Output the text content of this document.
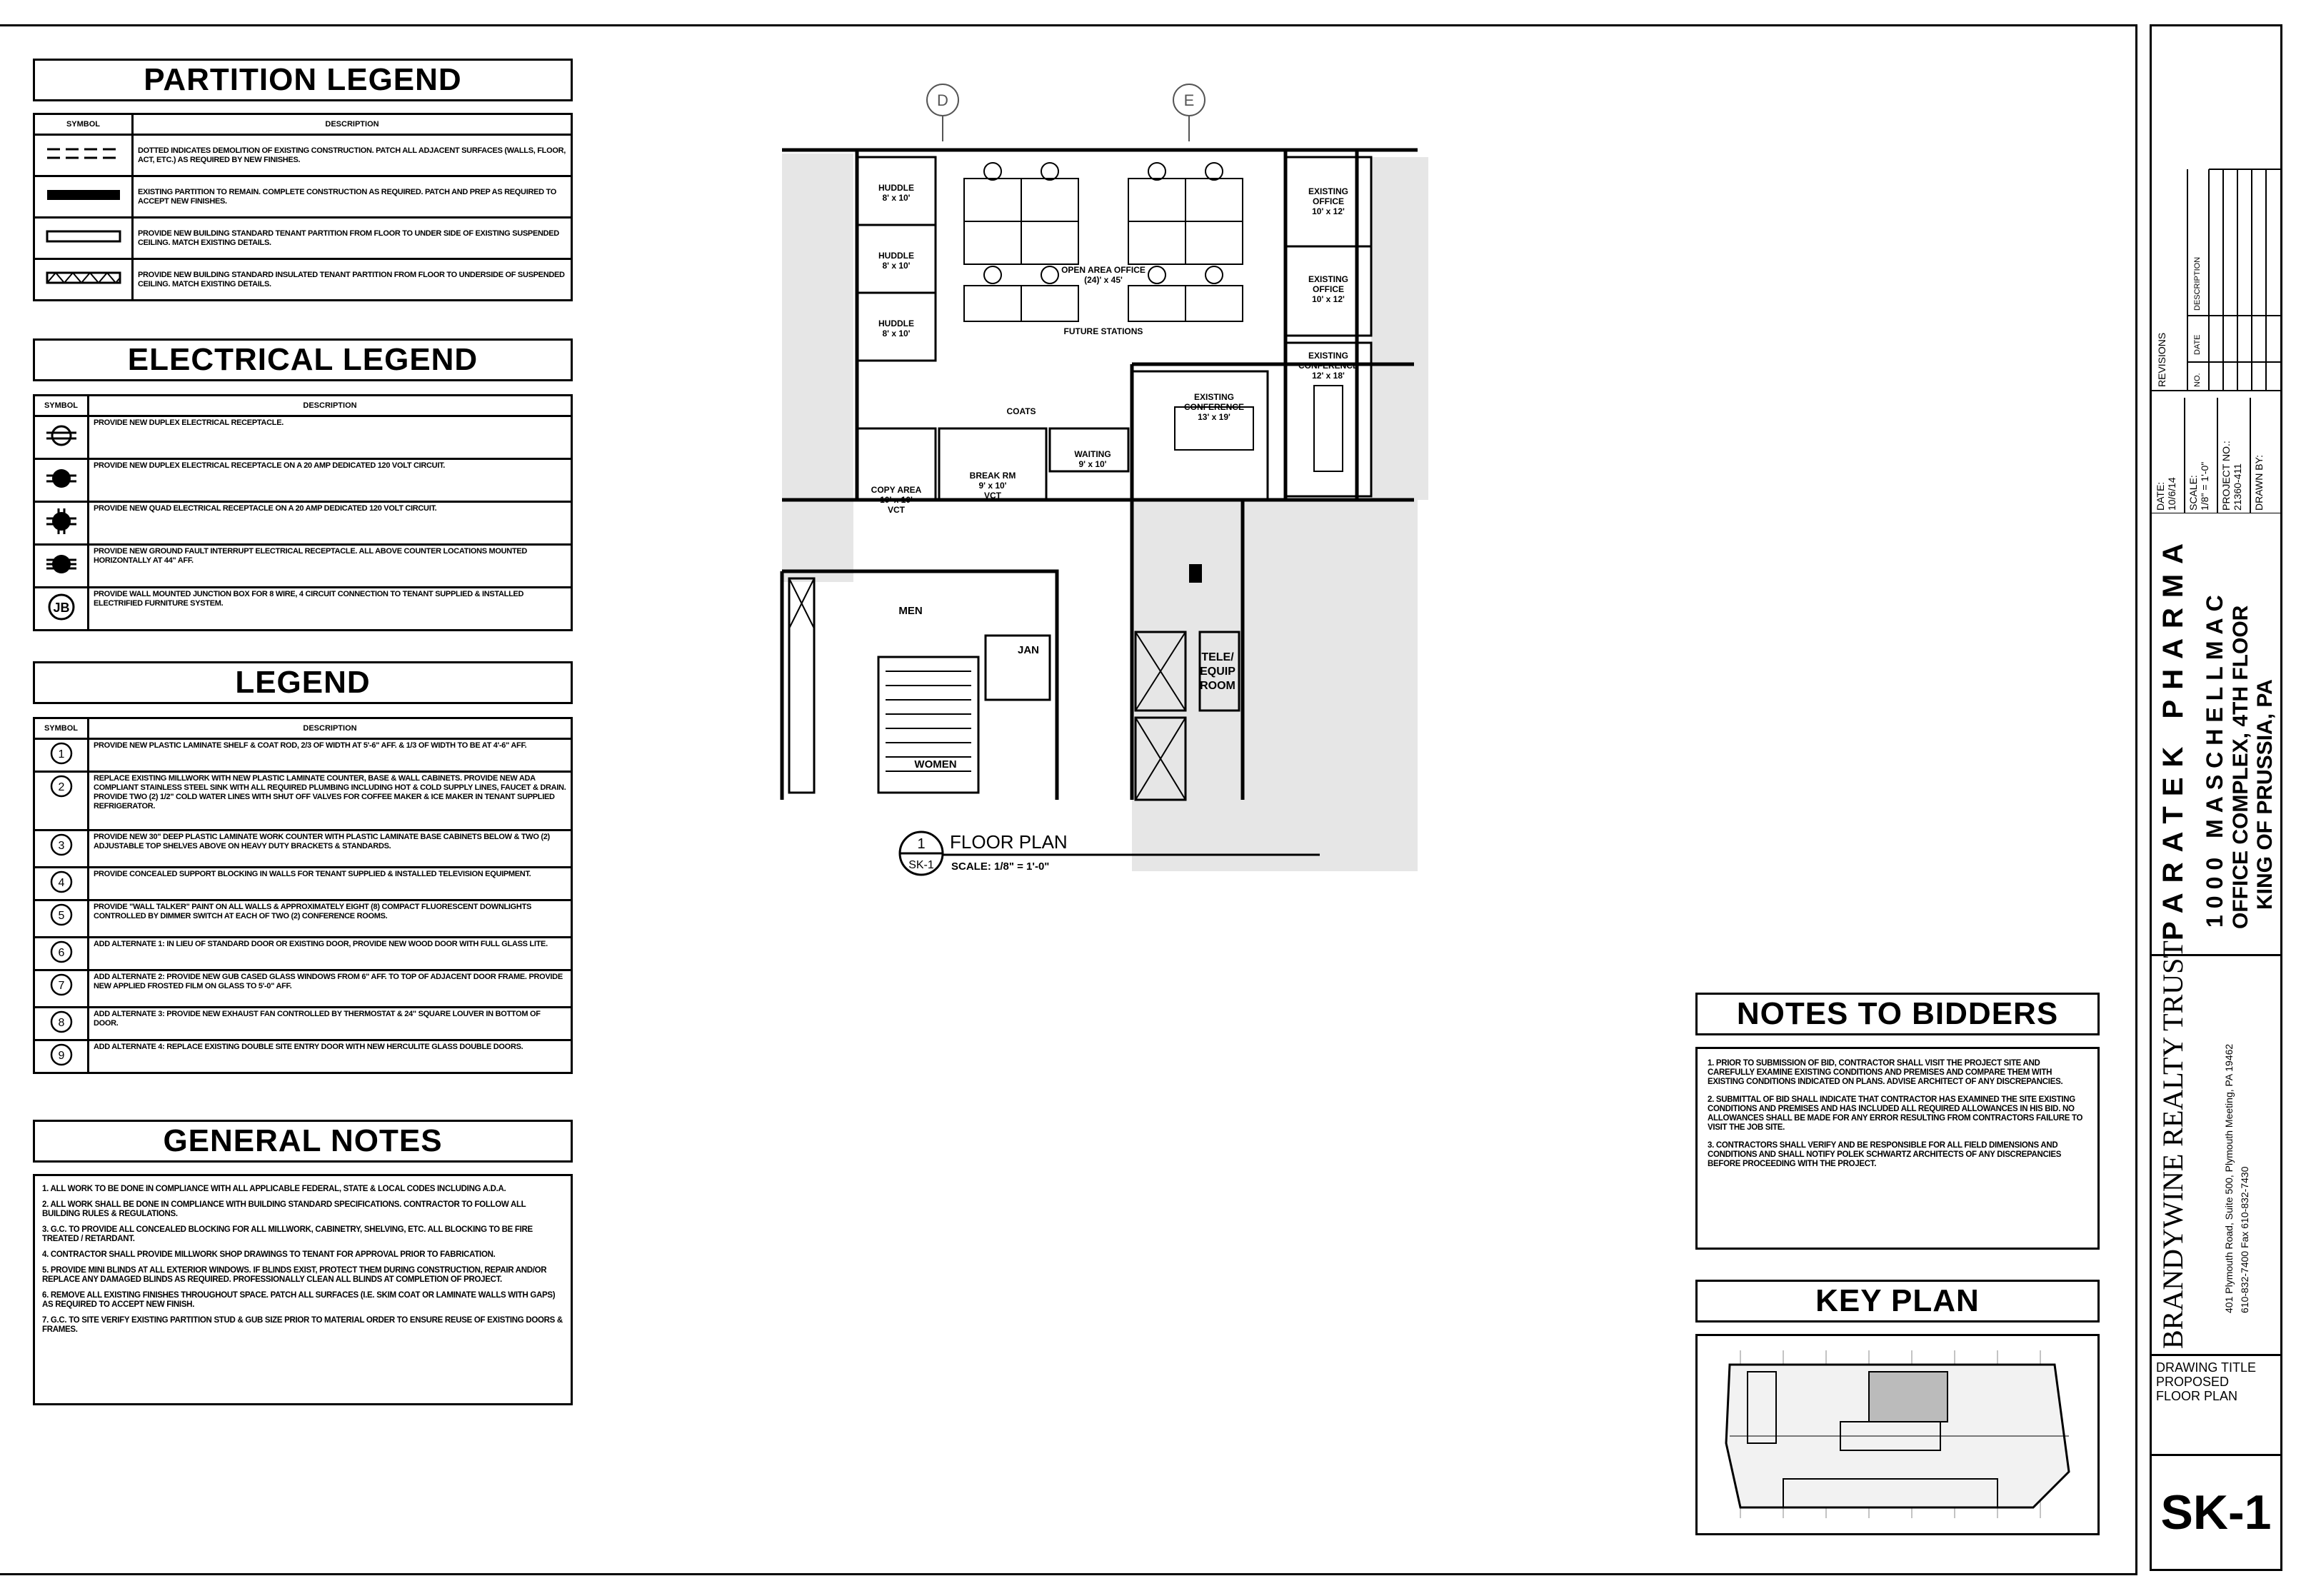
PARTITION LEGEND
SYMBOL	DESCRIPTION
	DOTTED INDICATES DEMOLITION OF EXISTING CONSTRUCTION. PATCH ALL ADJACENT SURFACES (WALLS, FLOOR, ACT, ETC.) AS REQUIRED BY NEW FINISHES.
	EXISTING PARTITION TO REMAIN. COMPLETE CONSTRUCTION AS REQUIRED. PATCH AND PREP AS REQUIRED TO ACCEPT NEW FINISHES.
	PROVIDE NEW BUILDING STANDARD TENANT PARTITION FROM FLOOR TO UNDER SIDE OF EXISTING SUSPENDED CEILING. MATCH EXISTING DETAILS.
	PROVIDE NEW BUILDING STANDARD INSULATED TENANT PARTITION FROM FLOOR TO UNDERSIDE OF SUSPENDED CEILING. MATCH EXISTING DETAILS.
ELECTRICAL LEGEND
SYMBOL	DESCRIPTION
	PROVIDE NEW DUPLEX ELECTRICAL RECEPTACLE.
	PROVIDE NEW DUPLEX ELECTRICAL RECEPTACLE ON A 20 AMP DEDICATED 120 VOLT CIRCUIT.
	PROVIDE NEW QUAD ELECTRICAL RECEPTACLE ON A 20 AMP DEDICATED 120 VOLT CIRCUIT.
	PROVIDE NEW GROUND FAULT INTERRUPT ELECTRICAL RECEPTACLE. ALL ABOVE COUNTER LOCATIONS MOUNTED HORIZONTALLY AT 44" AFF.

JB	PROVIDE WALL MOUNTED JUNCTION BOX FOR 8 WIRE, 4 CIRCUIT CONNECTION TO TENANT SUPPLIED & INSTALLED ELECTRIFIED FURNITURE SYSTEM.
LEGEND
SYMBOL	DESCRIPTION

1	PROVIDE NEW PLASTIC LAMINATE SHELF & COAT ROD, 2/3 OF WIDTH AT 5'-6" AFF. & 1/3 OF WIDTH TO BE AT 4'-6" AFF.

2	REPLACE EXISTING MILLWORK WITH NEW PLASTIC LAMINATE COUNTER, BASE & WALL CABINETS. PROVIDE NEW ADA COMPLIANT STAINLESS STEEL SINK WITH ALL REQUIRED PLUMBING INCLUDING HOT & COLD SUPPLY LINES, FAUCET & DRAIN. PROVIDE TWO (2) 1/2" COLD WATER LINES WITH SHUT OFF VALVES FOR COFFEE MAKER & ICE MAKER IN TENANT SUPPLIED REFRIGERATOR.

3	PROVIDE NEW 30" DEEP PLASTIC LAMINATE WORK COUNTER WITH PLASTIC LAMINATE BASE CABINETS BELOW & TWO (2) ADJUSTABLE TOP SHELVES ABOVE ON HEAVY DUTY BRACKETS & STANDARDS.

4	PROVIDE CONCEALED SUPPORT BLOCKING IN WALLS FOR TENANT SUPPLIED & INSTALLED TELEVISION EQUIPMENT.

5	PROVIDE "WALL TALKER" PAINT ON ALL WALLS & APPROXIMATELY EIGHT (8) COMPACT FLUORESCENT DOWNLIGHTS CONTROLLED BY DIMMER SWITCH AT EACH OF TWO (2) CONFERENCE ROOMS.

6	ADD ALTERNATE 1: IN LIEU OF STANDARD DOOR OR EXISTING DOOR, PROVIDE NEW WOOD DOOR WITH FULL GLASS LITE.

7	ADD ALTERNATE 2: PROVIDE NEW GUB CASED GLASS WINDOWS FROM 6" AFF. TO TOP OF ADJACENT DOOR FRAME. PROVIDE NEW APPLIED FROSTED FILM ON GLASS TO 5'-0" AFF.

8	ADD ALTERNATE 3: PROVIDE NEW EXHAUST FAN CONTROLLED BY THERMOSTAT & 24" SQUARE LOUVER IN BOTTOM OF DOOR.

9	ADD ALTERNATE 4: REPLACE EXISTING DOUBLE SITE ENTRY DOOR WITH NEW HERCULITE GLASS DOUBLE DOORS.
GENERAL NOTES

1. ALL WORK TO BE DONE IN COMPLIANCE WITH ALL APPLICABLE FEDERAL, STATE & LOCAL CODES INCLUDING A.D.A.

2. ALL WORK SHALL BE DONE IN COMPLIANCE WITH BUILDING STANDARD SPECIFICATIONS. CONTRACTOR TO FOLLOW ALL BUILDING RULES & REGULATIONS.

3. G.C. TO PROVIDE ALL CONCEALED BLOCKING FOR ALL MILLWORK, CABINETRY, SHELVING, ETC. ALL BLOCKING TO BE FIRE TREATED / RETARDANT.

4. CONTRACTOR SHALL PROVIDE MILLWORK SHOP DRAWINGS TO TENANT FOR APPROVAL PRIOR TO FABRICATION.

5. PROVIDE MINI BLINDS AT ALL EXTERIOR WINDOWS. IF BLINDS EXIST, PROTECT THEM DURING CONSTRUCTION, REPAIR AND/OR REPLACE ANY DAMAGED BLINDS AS REQUIRED. PROFESSIONALLY CLEAN ALL BLINDS AT COMPLETION OF PROJECT.

6. REMOVE ALL EXISTING FINISHES THROUGHOUT SPACE. PATCH ALL SURFACES (I.E. SKIM COAT OR LAMINATE WALLS WITH GAPS) AS REQUIRED TO ACCEPT NEW FINISH.

7. G.C. TO SITE VERIFY EXISTING PARTITION STUD & GUB SIZE PRIOR TO MATERIAL ORDER TO ENSURE REUSE OF EXISTING DOORS & FRAMES.

D	E
HUDDLE
8' x 10'
HUDDLE
8' x 10'
HUDDLE
8' x 10'
OPEN AREA OFFICE
(24)' x 45'
FUTURE STATIONS
EXISTING
OFFICE
10' x 12'
EXISTING
OFFICE
10' x 12'
EXISTING
CONFERENCE
12' x 18'
EXISTING
CONFERENCE
13' x 19'
COATS
WAITING
9' x 10'
BREAK RM
9' x 10'
VCT
COPY AREA
10' x 10'
VCT
MEN
WOMEN
JAN
TELE/
EQUIP
ROOM
1
SK-1
FLOOR PLAN
SCALE: 1/8" = 1'-0"
NOTES TO BIDDERS

1. PRIOR TO SUBMISSION OF BID, CONTRACTOR SHALL VISIT THE PROJECT SITE AND CAREFULLY EXAMINE EXISTING CONDITIONS AND PREMISES AND COMPARE THEM WITH EXISTING CONDITIONS INDICATED ON PLANS. ADVISE ARCHITECT OF ANY DISCREPANCIES.

2. SUBMITTAL OF BID SHALL INDICATE THAT CONTRACTOR HAS EXAMINED THE SITE EXISTING CONDITIONS AND PREMISES AND HAS INCLUDED ALL REQUIRED ALLOWANCES IN HIS BID. NO ALLOWANCES SHALL BE MADE FOR ANY ERROR RESULTING FROM CONTRACTORS FAILURE TO VISIT THE JOB SITE.

3. CONTRACTORS SHALL VERIFY AND BE RESPONSIBLE FOR ALL FIELD DIMENSIONS AND CONDITIONS AND SHALL NOTIFY POLEK SCHWARTZ ARCHITECTS OF ANY DISCREPANCIES BEFORE PROCEEDING WITH THE PROJECT.

KEY PLAN
REVISIONS	NO.
DATE
DESCRIPTION
DATE: 10/6/14 SCALE: 1/8" = 1'-0" PROJECT NO.: 21360-411 DRAWN BY:
PARATEK PHARMA 1000 MASCHELLMAC OFFICE COMPLEX, 4TH FLOOR KING OF PRUSSIA, PA
BRANDYWINE REALTY TRUST	401 Plymouth Road, Suite 500, Plymouth Meeting, PA 19462 610-832-7400 Fax 610-832-7430
DRAWING TITLE
PROPOSED
FLOOR PLAN
SK-1
